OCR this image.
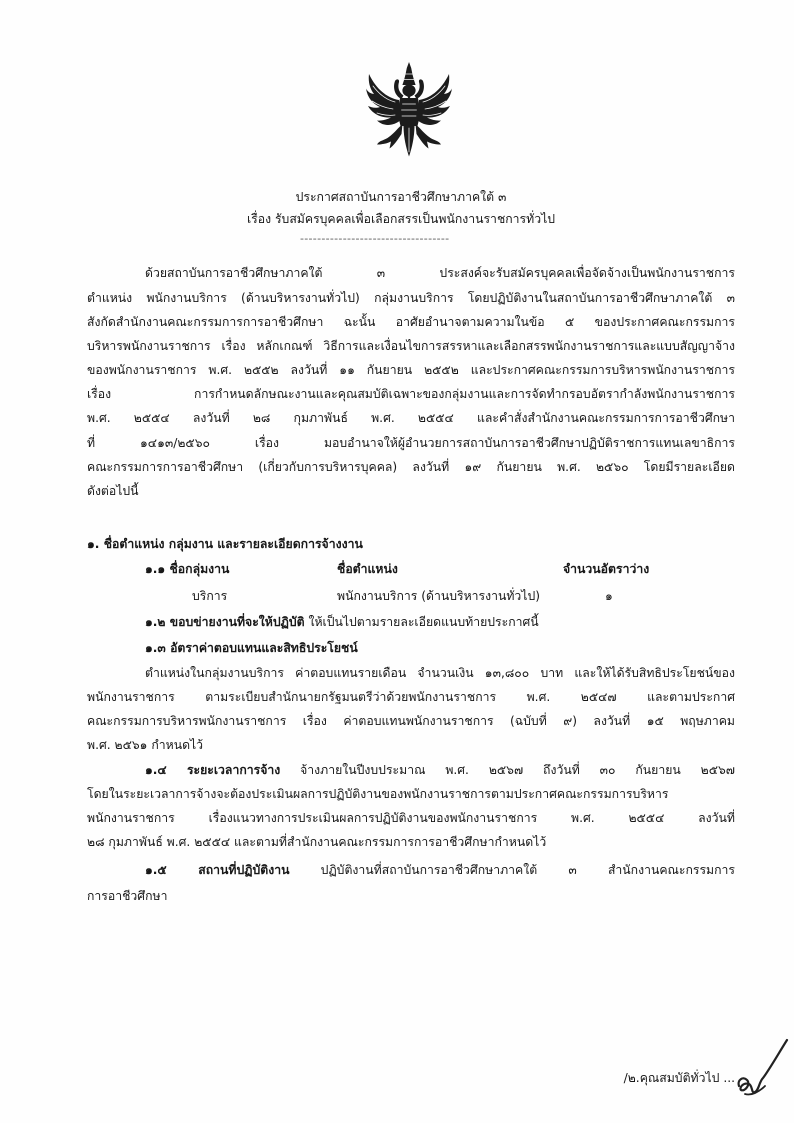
ประกาศสถาบันการอาชีวศึกษาภาคใต้ ๓
เรื่อง รับสมัครบุคคลเพื่อเลือกสรรเป็นพนักงานราชการทั่วไป
-----------------------------------
ด้วยสถาบันการอาชีวศึกษาภาคใต้ ๓ ประสงค์จะรับสมัครบุคคลเพื่อจัดจ้างเป็นพนักงานราชการ
ตำแหน่ง พนักงานบริการ (ด้านบริหารงานทั่วไป) กลุ่มงานบริการ โดยปฏิบัติงานในสถาบันการอาชีวศึกษาภาคใต้ ๓
สังกัดสำนักงานคณะกรรมการการอาชีวศึกษา ฉะนั้น อาศัยอำนาจตามความในข้อ ๕ ของประกาศคณะกรรมการ
บริหารพนักงานราชการ เรื่อง หลักเกณฑ์ วิธีการและเงื่อนไขการสรรหาและเลือกสรรพนักงานราชการและแบบสัญญาจ้าง
ของพนักงานราชการ พ.ศ. ๒๕๕๒ ลงวันที่ ๑๑ กันยายน ๒๕๕๒ และประกาศคณะกรรมการบริหารพนักงานราชการ
เรื่อง การกำหนดลักษณะงานและคุณสมบัติเฉพาะของกลุ่มงานและการจัดทำกรอบอัตรากำลังพนักงานราชการ
พ.ศ. ๒๕๕๔ ลงวันที่ ๒๘ กุมภาพันธ์ พ.ศ. ๒๕๕๔ และคำสั่งสำนักงานคณะกรรมการการอาชีวศึกษา
ที่ ๑๔๑๓/๒๕๖๐ เรื่อง มอบอำนาจให้ผู้อำนวยการสถาบันการอาชีวศึกษาปฏิบัติราชการแทนเลขาธิการ
คณะกรรมการการอาชีวศึกษา (เกี่ยวกับการบริหารบุคคล) ลงวันที่ ๑๙ กันยายน พ.ศ. ๒๕๖๐ โดยมีรายละเอียด
ดังต่อไปนี้
๑. ชื่อตำแหน่ง กลุ่มงาน และรายละเอียดการจ้างงาน
๑.๑ ชื่อกลุ่มงาน	ชื่อตำแหน่ง	จำนวนอัตราว่าง
บริการ	พนักงานบริการ (ด้านบริหารงานทั่วไป)	๑
๑.๒ ขอบข่ายงานที่จะให้ปฏิบัติ ให้เป็นไปตามรายละเอียดแนบท้ายประกาศนี้
๑.๓ อัตราค่าตอบแทนและสิทธิประโยชน์
ตำแหน่งในกลุ่มงานบริการ ค่าตอบแทนรายเดือน จำนวนเงิน ๑๓,๘๐๐ บาท และให้ได้รับสิทธิประโยชน์ของ
พนักงานราชการ ตามระเบียบสำนักนายกรัฐมนตรีว่าด้วยพนักงานราชการ พ.ศ. ๒๕๔๗ และตามประกาศ
คณะกรรมการบริหารพนักงานราชการ เรื่อง ค่าตอบแทนพนักงานราชการ (ฉบับที่ ๙) ลงวันที่ ๑๕ พฤษภาคม
พ.ศ. ๒๕๖๑ กำหนดไว้
๑.๔ ระยะเวลาการจ้าง จ้างภายในปีงบประมาณ พ.ศ. ๒๕๖๗ ถึงวันที่ ๓๐ กันยายน ๒๕๖๗
โดยในระยะเวลาการจ้างจะต้องประเมินผลการปฏิบัติงานของพนักงานราชการตามประกาศคณะกรรมการบริหาร
พนักงานราชการ เรื่องแนวทางการประเมินผลการปฏิบัติงานของพนักงานราชการ พ.ศ. ๒๕๕๔ ลงวันที่
๒๘ กุมภาพันธ์ พ.ศ. ๒๕๕๔ และตามที่สำนักงานคณะกรรมการการอาชีวศึกษากำหนดไว้
๑.๕ สถานที่ปฏิบัติงาน	ปฏิบัติงานที่สถาบันการอาชีวศึกษาภาคใต้ ๓ สำนักงานคณะกรรมการ
การอาชีวศึกษา
/๒.คุณสมบัติทั่วไป ...
